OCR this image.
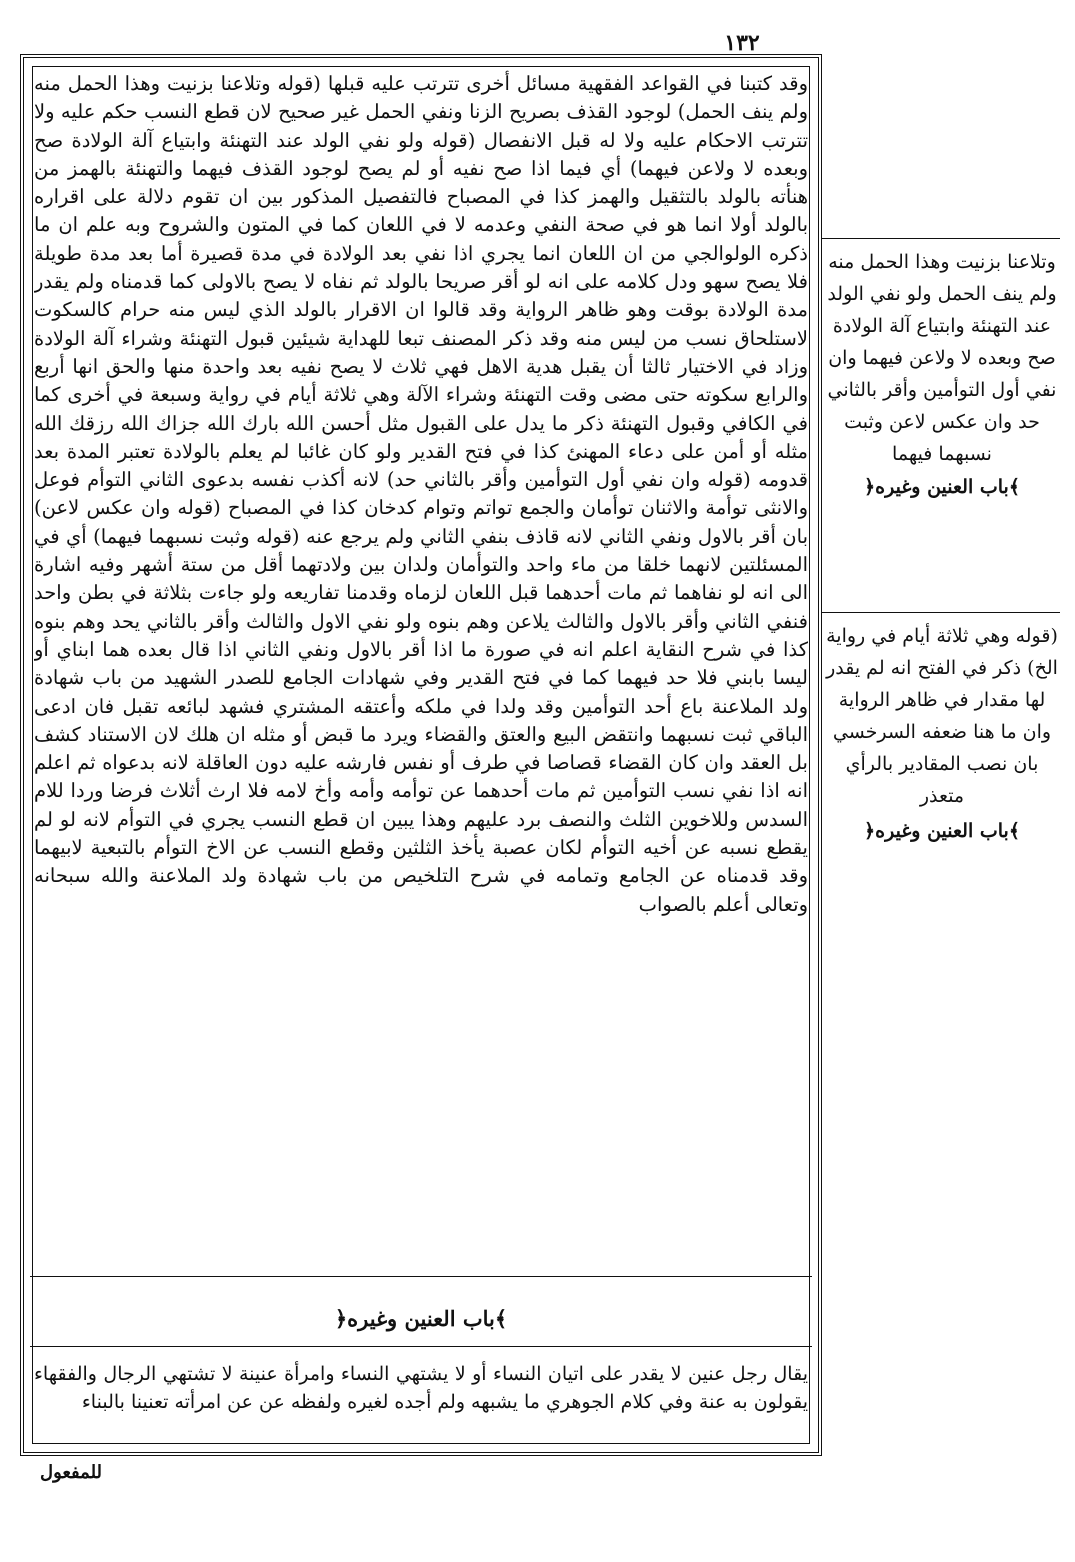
١٣٢
وقد كتبنا في القواعد الفقهية مسائل أخرى تترتب عليه قبلها (قوله وتلاعنا بزنيت وهذا الحمل منه ولم ينف الحمل) لوجود القذف بصريح الزنا ونفي الحمل غير صحيح لان قطع النسب حكم عليه ولا تترتب الاحكام عليه ولا له قبل الانفصال (قوله ولو نفي الولد عند التهنئة وابتياع آلة الولادة صح وبعده لا ولاعن فيهما) أي فيما اذا صح نفيه أو لم يصح لوجود القذف فيهما والتهنئة بالهمز من هنأته بالولد بالتثقيل والهمز كذا في المصباح فالتفصيل المذكور بين ان تقوم دلالة على اقراره بالولد أولا انما هو في صحة النفي وعدمه لا في اللعان كما في المتون والشروح وبه علم ان ما ذكره الولوالجي من ان اللعان انما يجري اذا نفي بعد الولادة في مدة قصيرة أما بعد مدة طويلة فلا يصح سهو ودل كلامه على انه لو أقر صريحا بالولد ثم نفاه لا يصح بالاولى كما قدمناه ولم يقدر مدة الولادة بوقت وهو ظاهر الرواية وقد قالوا ان الاقرار بالولد الذي ليس منه حرام كالسكوت لاستلحاق نسب من ليس منه وقد ذكر المصنف تبعا للهداية شيئين قبول التهنئة وشراء آلة الولادة وزاد في الاختيار ثالثا أن يقبل هدية الاهل فهي ثلاث لا يصح نفيه بعد واحدة منها والحق انها أربع والرابع سكوته حتى مضى وقت التهنئة وشراء الآلة وهي ثلاثة أيام في رواية وسبعة في أخرى كما في الكافي وقبول التهنئة ذكر ما يدل على القبول مثل أحسن الله بارك الله جزاك الله رزقك الله مثله أو أمن على دعاء المهنئ كذا في فتح القدير ولو كان غائبا لم يعلم بالولادة تعتبر المدة بعد قدومه (قوله وان نفي أول التوأمين وأقر بالثاني حد) لانه أكذب نفسه بدعوى الثاني التوأم فوعل والانثى توأمة والاثنان توأمان والجمع تواتم وتوام كدخان كذا في المصباح (قوله وان عكس لاعن) بان أقر بالاول ونفي الثاني لانه قاذف بنفي الثاني ولم يرجع عنه (قوله وثبت نسبهما فيهما) أي في المسئلتين لانهما خلقا من ماء واحد والتوأمان ولدان بين ولادتهما أقل من ستة أشهر وفيه اشارة الى انه لو نفاهما ثم مات أحدهما قبل اللعان لزماه وقدمنا تفاريعه ولو جاءت بثلاثة في بطن واحد فنفي الثاني وأقر بالاول والثالث يلاعن وهم بنوه ولو نفي الاول والثالث وأقر بالثاني يحد وهم بنوه كذا في شرح النقاية اعلم انه في صورة ما اذا أقر بالاول ونفي الثاني اذا قال بعده هما ابناي أو ليسا بابني فلا حد فيهما كما في فتح القدير وفي شهادات الجامع للصدر الشهيد من باب شهادة ولد الملاعنة باع أحد التوأمين وقد ولدا في ملكه وأعتقه المشتري فشهد لبائعه تقبل فان ادعى الباقي ثبت نسبهما وانتقض البيع والعتق والقضاء ويرد ما قبض أو مثله ان هلك لان الاستناد كشف بل العقد وان كان القضاء قصاصا في طرف أو نفس فارشه عليه دون العاقلة لانه بدعواه ثم اعلم انه اذا نفي نسب التوأمين ثم مات أحدهما عن توأمه وأمه وأخ لامه فلا ارث أثلاث فرضا وردا للام السدس وللاخوين الثلث والنصف برد عليهم وهذا يبين ان قطع النسب يجري في التوأم لانه لو لم يقطع نسبه عن أخيه التوأم لكان عصبة يأخذ الثلثين وقطع النسب عن الاخ التوأم بالتبعية لابيهما وقد قدمناه عن الجامع وتمامه في شرح التلخيص من باب شهادة ولد الملاعنة والله سبحانه وتعالى أعلم بالصواب
﴿باب العنين وغيره﴾
يقال رجل عنين لا يقدر على اتيان النساء أو لا يشتهي النساء وامرأة عنينة لا تشتهي الرجال والفقهاء يقولون به عنة وفي كلام الجوهري ما يشبهه ولم أجده لغيره ولفظه عن عن امرأته تعنينا بالبناء
للمفعول
وتلاعنا بزنيت وهذا الحمل منه ولم ينف الحمل ولو نفي الولد عند التهنئة وابتياع آلة الولادة صح وبعده لا ولاعن فيهما وان نفي أول التوأمين وأقر بالثاني حد وان عكس لاعن وثبت نسبهما فيهما
﴿باب العنين وغيره﴾
(قوله وهي ثلاثة أيام في رواية الخ) ذكر في الفتح انه لم يقدر لها مقدار في ظاهر الرواية وان ما هنا ضعفه السرخسي بان نصب المقادير بالرأي متعذر
﴿باب العنين وغيره﴾
